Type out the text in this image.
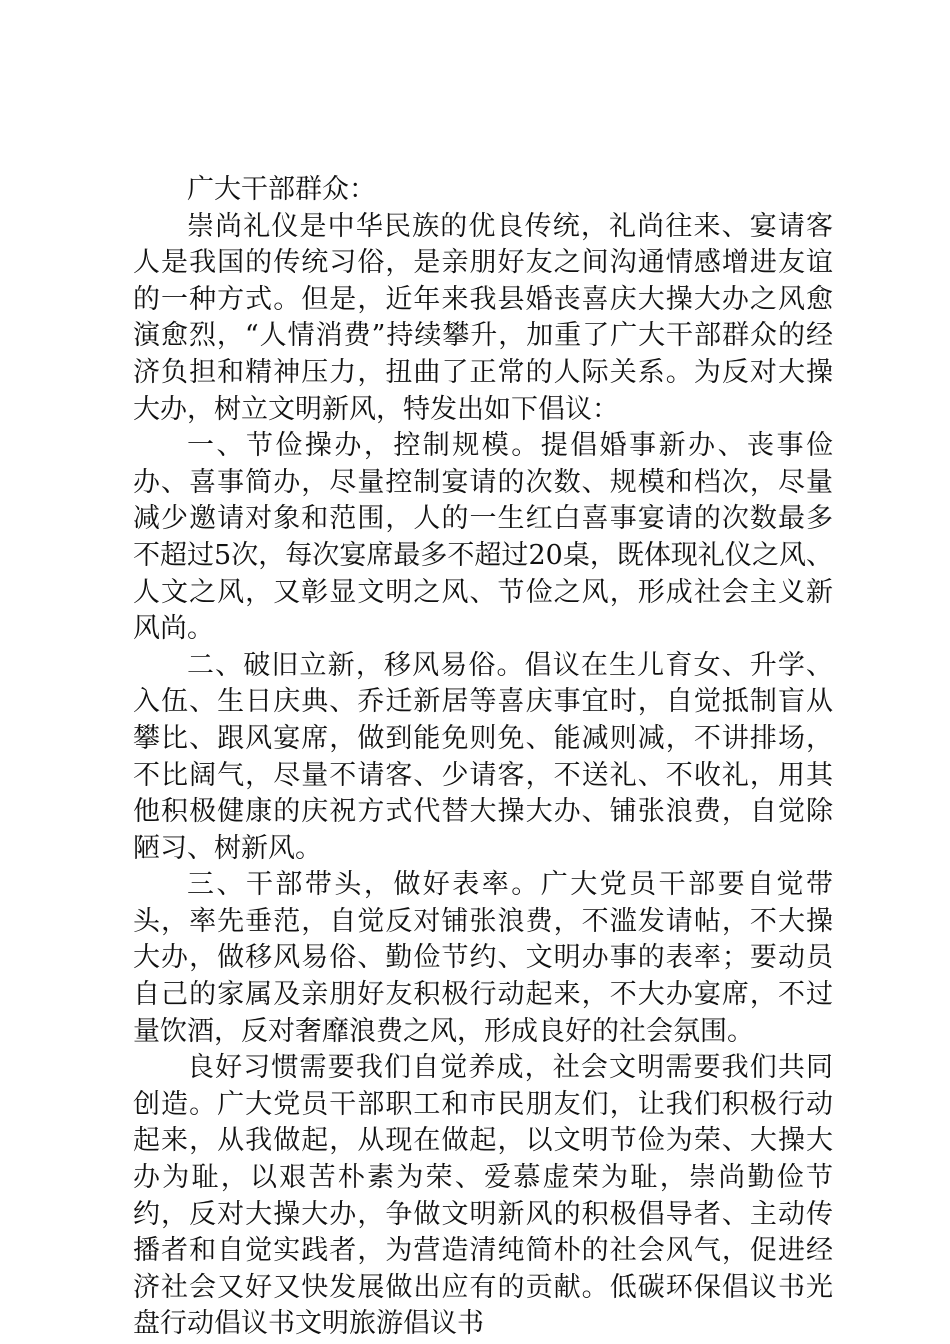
广大干部群众：

崇尚礼仪是中华民族的优良传统，礼尚往来、宴请客人是我国的传统习俗，是亲朋好友之间沟通情感增进友谊的一种方式。但是，近年来我县婚丧喜庆大操大办之风愈演愈烈，“人情消费”持续攀升，加重了广大干部群众的经济负担和精神压力，扭曲了正常的人际关系。为反对大操大办，树立文明新风，特发出如下倡议：

一、节俭操办，控制规模。提倡婚事新办、丧事俭办、喜事简办，尽量控制宴请的次数、规模和档次，尽量减少邀请对象和范围，人的一生红白喜事宴请的次数最多不超过5次，每次宴席最多不超过20桌，既体现礼仪之风、人文之风，又彰显文明之风、节俭之风，形成社会主义新风尚。

二、破旧立新，移风易俗。倡议在生儿育女、升学、入伍、生日庆典、乔迁新居等喜庆事宜时，自觉抵制盲从攀比、跟风宴席，做到能免则免、能减则减，不讲排场，不比阔气，尽量不请客、少请客，不送礼、不收礼，用其他积极健康的庆祝方式代替大操大办、铺张浪费，自觉除陋习、树新风。

三、干部带头，做好表率。广大党员干部要自觉带头，率先垂范，自觉反对铺张浪费，不滥发请帖，不大操大办，做移风易俗、勤俭节约、文明办事的表率；要动员自己的家属及亲朋好友积极行动起来，不大办宴席，不过量饮酒，反对奢靡浪费之风，形成良好的社会氛围。

良好习惯需要我们自觉养成，社会文明需要我们共同创造。广大党员干部职工和市民朋友们，让我们积极行动起来，从我做起，从现在做起，以文明节俭为荣、大操大办为耻，以艰苦朴素为荣、爱慕虚荣为耻，崇尚勤俭节约，反对大操大办，争做文明新风的积极倡导者、主动传播者和自觉实践者，为营造清纯简朴的社会风气，促进经济社会又好又快发展做出应有的贡献。低碳环保倡议书光盘行动倡议书文明旅游倡议书
